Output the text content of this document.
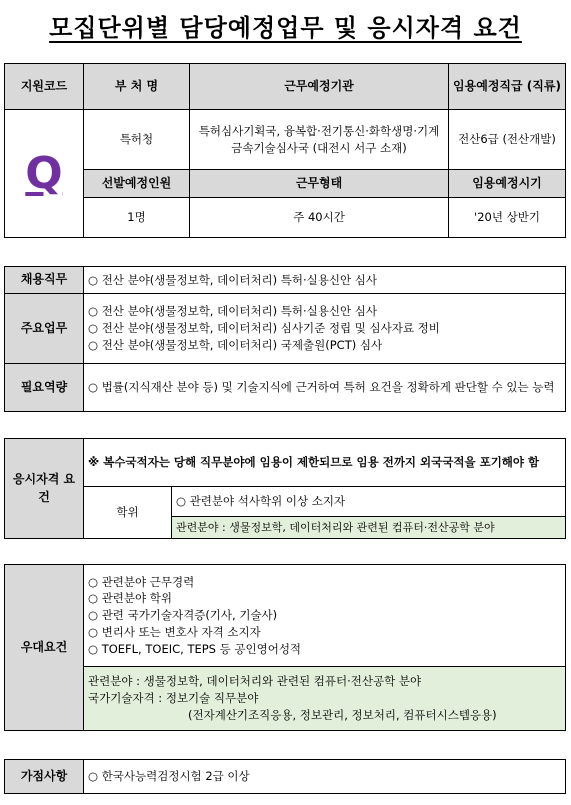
모집단위별 담당예정업무 및 응시자격 요건
지원코드	부 처 명	근무예정기관	임용예정직급 (직류)
Q	특허청	특허심사기획국, 융복합·전기통신·화학생명·기계금속기술심사국 (대전시 서구 소재)	전산6급 (전산개발)
	선발예정인원	근무형태	임용예정시기
	1명	주 40시간	'20년 상반기
채용직무	○ 전산 분야(생물정보학, 데이터처리) 특허·실용신안 심사
주요업무	○ 전산 분야(생물정보학, 데이터처리) 특허·실용신안 심사
○ 전산 분야(생물정보학, 데이터처리) 심사기준 정립 및 심사자료 정비
○ 전산 분야(생물정보학, 데이터처리) 국제출원(PCT) 심사

필요역량	○ 법률(지식재산 분야 등) 및 기술지식에 근거하여 특허 요건을 정확하게 판단할 수 있는 능력
응시자격 요건	※ 복수국적자는 당해 직무분야에 임용이 제한되므로 임용 전까지 외국국적을 포기해야 함	

	학위	○ 관련분야 석사학위 이상 소지자
		관련분야 : 생물정보학, 데이터처리와 관련된 컴퓨터·전산공학 분야
우대요건	
○ 관련분야 근무경력
○ 관련분야 학위
○ 관련 국가기술자격증(기사, 기술사)
○ 변리사 또는 변호사 자격 소지자
○ TOEFL, TOEIC, TEPS 등 공인영어성적

관련분야 : 생물정보학, 데이터처리와 관련된 컴퓨터·전산공학 분야
국가기술자격 : 정보기술 직무분야
(전자계산기조직응용, 정보관리, 정보처리, 컴퓨터시스템응용)
가점사항	○ 한국사능력검정시험 2급 이상
